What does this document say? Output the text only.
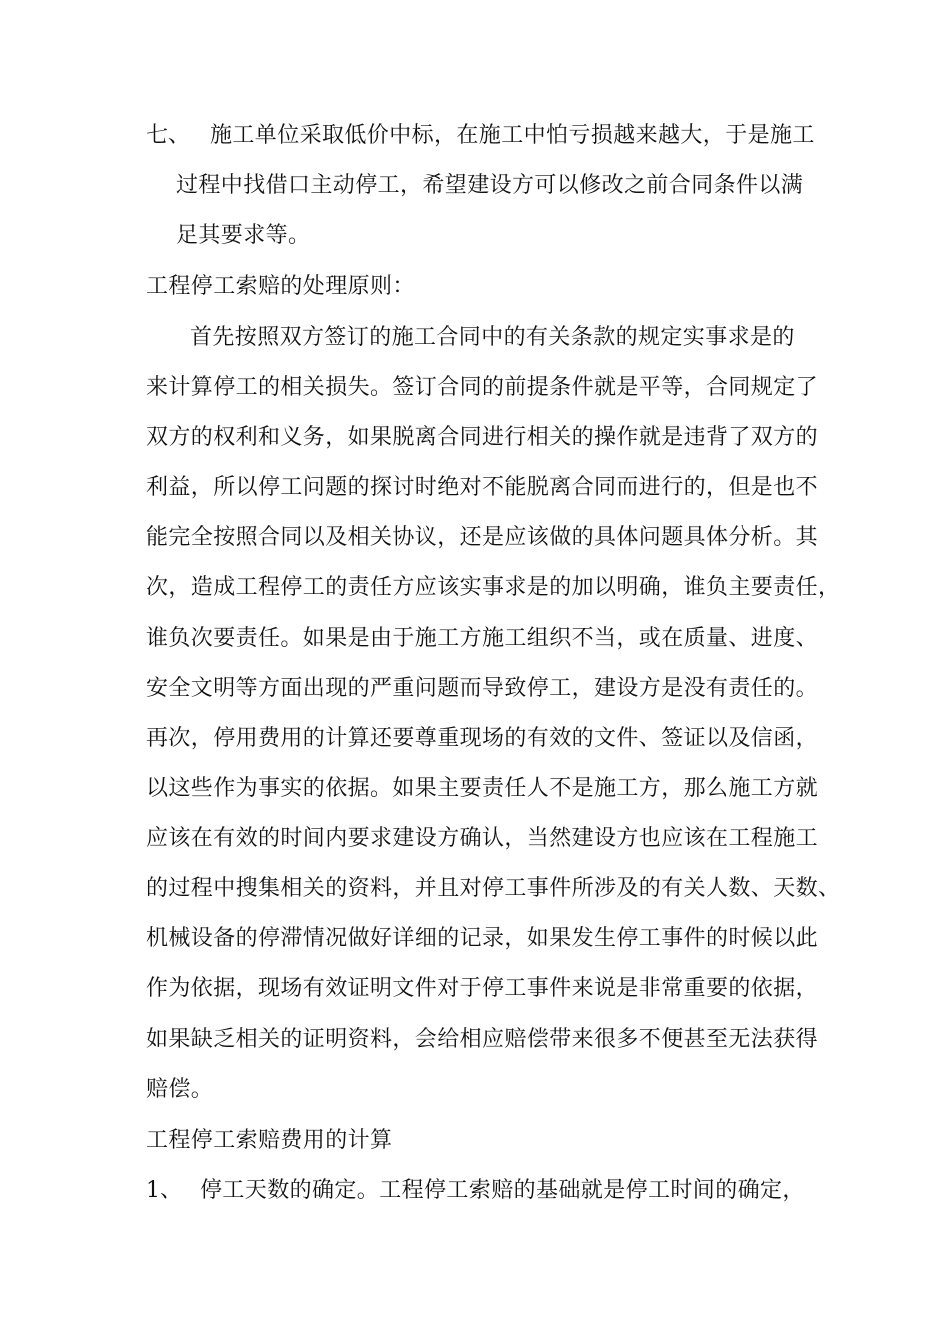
七、 施工单位采取低价中标，在施工中怕亏损越来越大，于是施工
过程中找借口主动停工，希望建设方可以修改之前合同条件以满
足其要求等。
工程停工索赔的处理原则：
首先按照双方签订的施工合同中的有关条款的规定实事求是的
来计算停工的相关损失。签订合同的前提条件就是平等，合同规定了
双方的权利和义务，如果脱离合同进行相关的操作就是违背了双方的
利益，所以停工问题的探讨时绝对不能脱离合同而进行的，但是也不
能完全按照合同以及相关协议，还是应该做的具体问题具体分析。其
次，造成工程停工的责任方应该实事求是的加以明确，谁负主要责任，
谁负次要责任。如果是由于施工方施工组织不当，或在质量、进度、
安全文明等方面出现的严重问题而导致停工，建设方是没有责任的。
再次，停用费用的计算还要尊重现场的有效的文件、签证以及信函，
以这些作为事实的依据。如果主要责任人不是施工方，那么施工方就
应该在有效的时间内要求建设方确认，当然建设方也应该在工程施工
的过程中搜集相关的资料，并且对停工事件所涉及的有关人数、天数、
机械设备的停滞情况做好详细的记录，如果发生停工事件的时候以此
作为依据，现场有效证明文件对于停工事件来说是非常重要的依据，
如果缺乏相关的证明资料，会给相应赔偿带来很多不便甚至无法获得
赔偿。
工程停工索赔费用的计算
1、 停工天数的确定。工程停工索赔的基础就是停工时间的确定，
